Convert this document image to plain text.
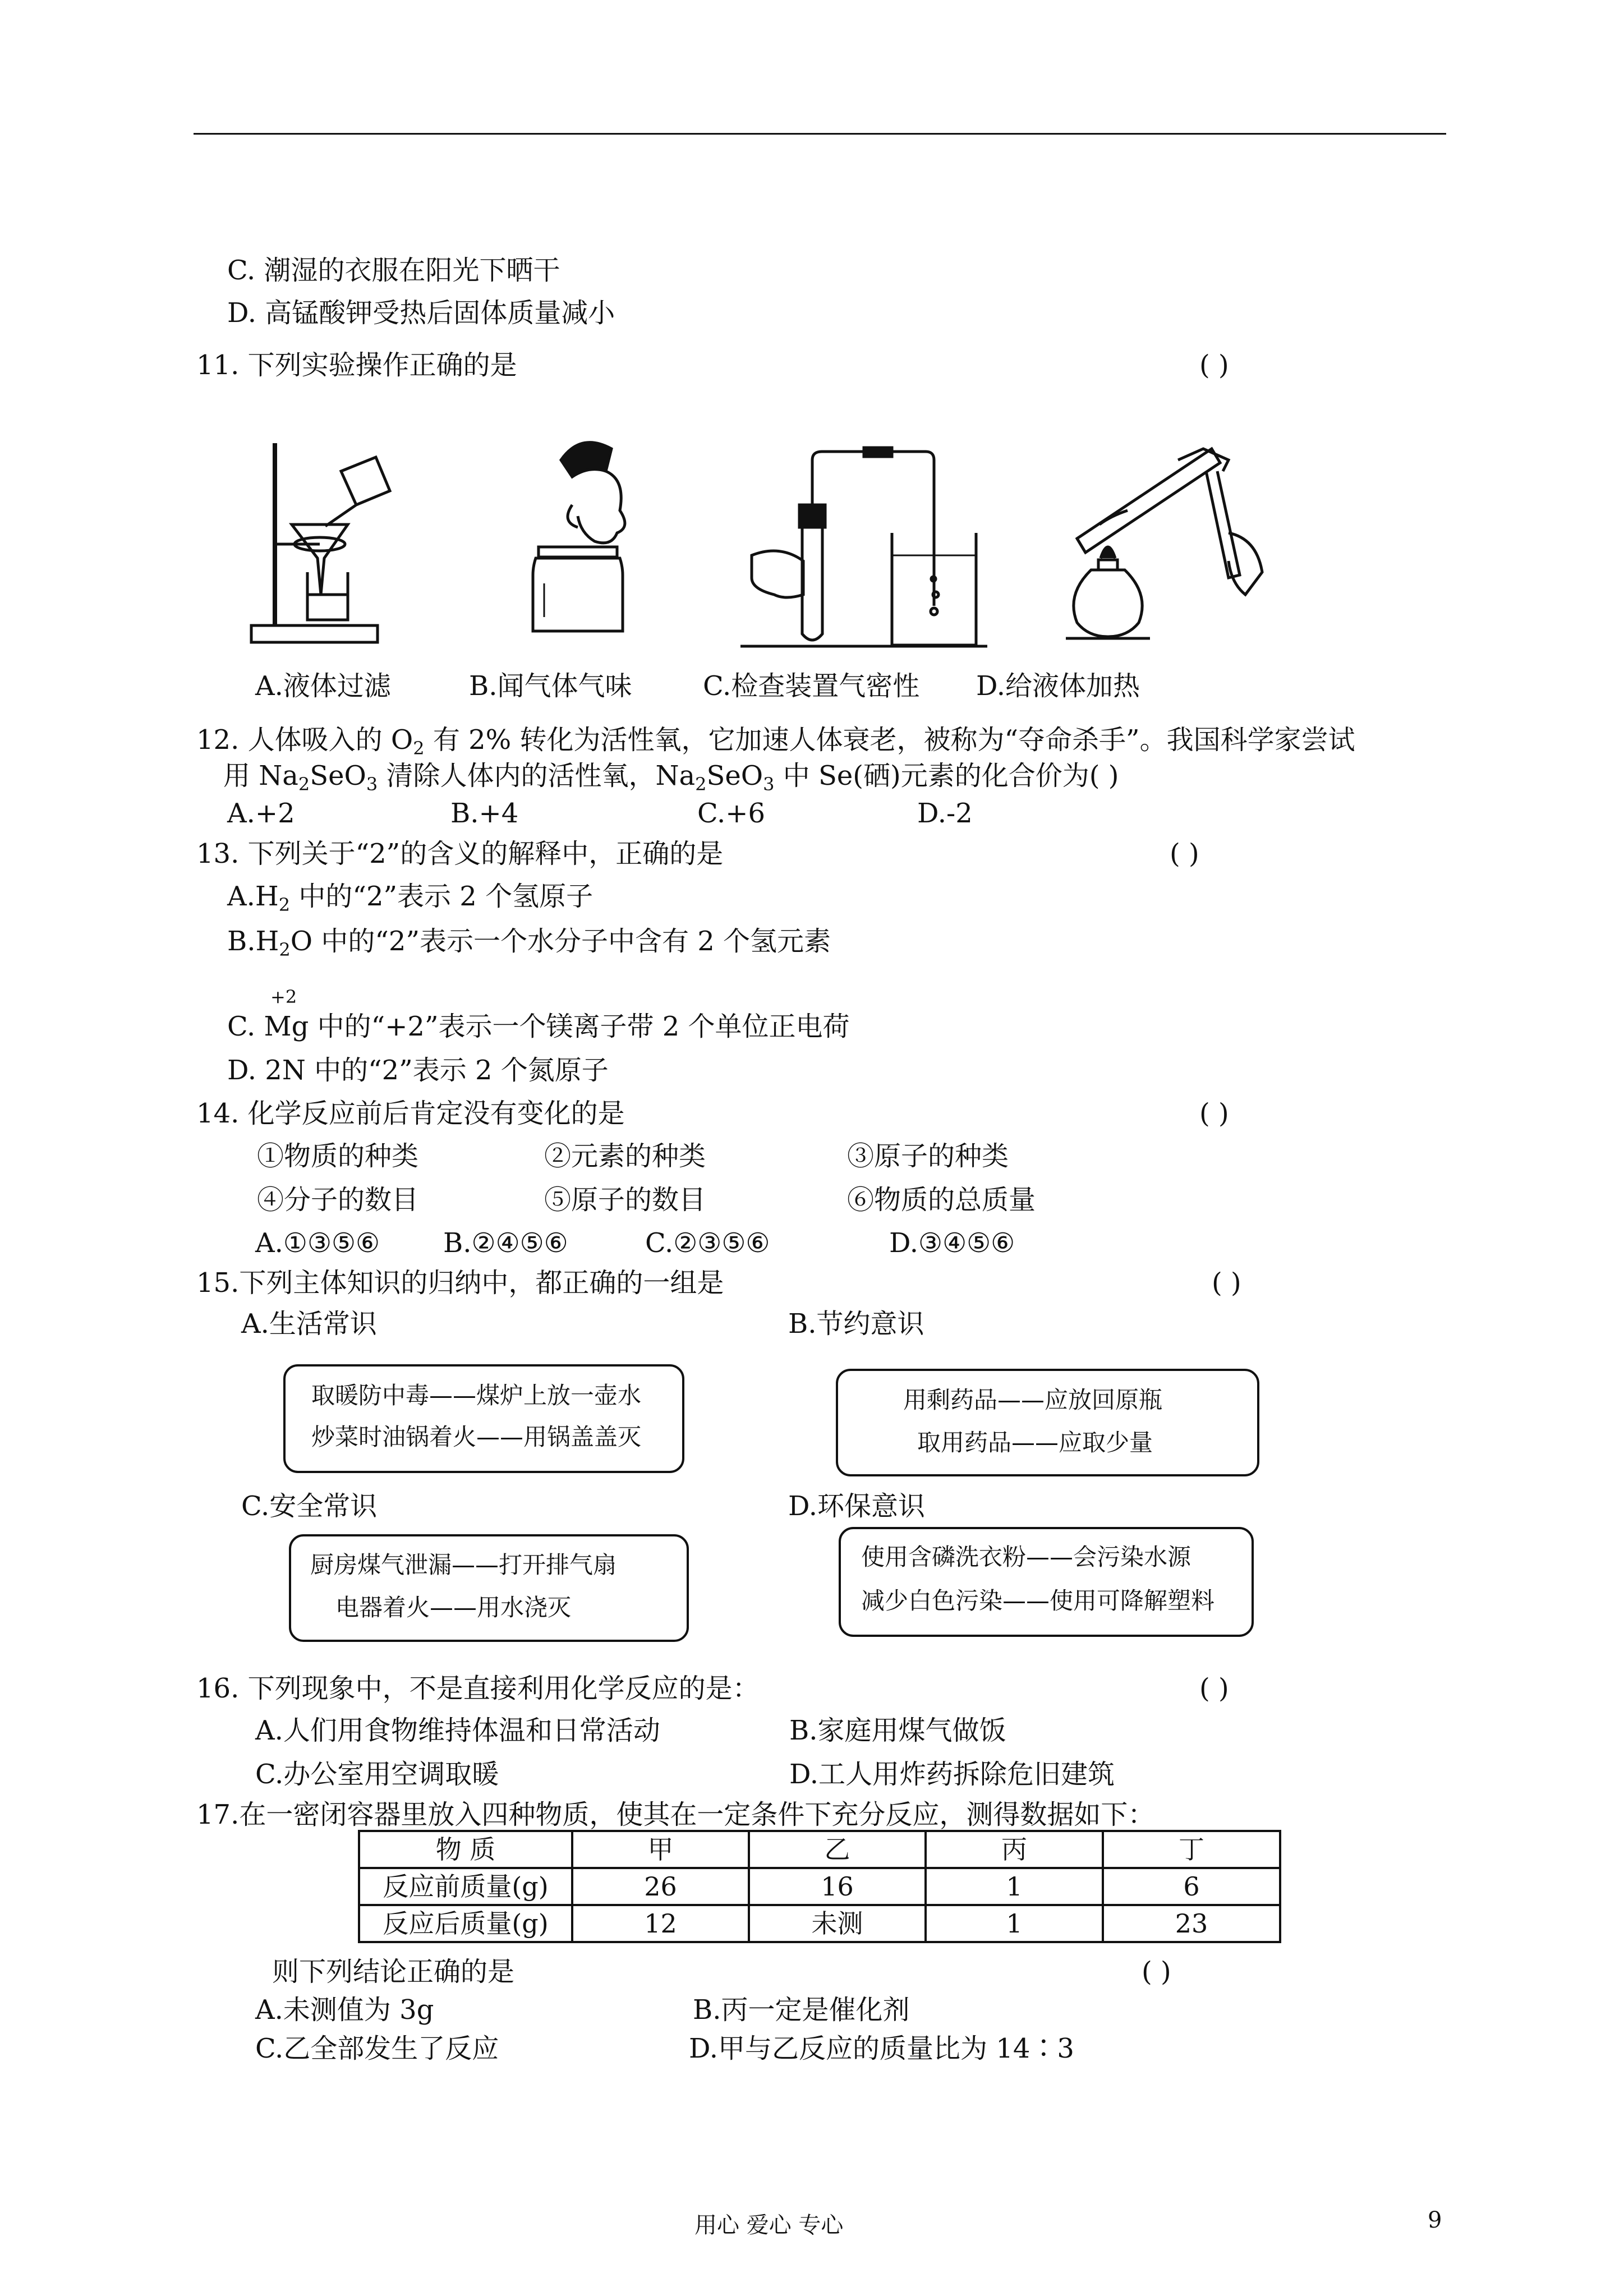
C. 潮湿的衣服在阳光下晒干
D. 高锰酸钾受热后固体质量减小
11. 下列实验操作正确的是	( )
A.液体过滤	B.闻气体气味	C.检查装置气密性 D.给液体加热
12. 人体吸入的 $O_2$ 有 2% 转化为活性氧，它加速人体衰老，被称为“夺命杀手”。我国科学家尝试
用 $Na_2SeO_3$ 清除人体内的活性氧，$Na_2SeO_3$ 中 Se(硒)元素的化合价为( )
A.+2	B.+4	C.+6	D.-2
13. 下列关于“2”的含义的解释中，正确的是	( )
$A.H_2$ 中的“2”表示 2 个氢原子
$B.H_2O$ 中的“2”表示一个水分子中含有 2 个氢元素
+2
C. Mg 中的“+2”表示一个镁离子带 2 个单位正电荷
D. 2N 中的“2”表示 2 个氮原子
14. 化学反应前后肯定没有变化的是	( )
①物质的种类	②元素的种类	③原子的种类
④分子的数目	⑤原子的数目	⑥物质的总质量
A.①③⑤⑥ B.②④⑤⑥	C.②③⑤⑥	D.③④⑤⑥
15.下列主体知识的归纳中，都正确的一组是	( )
A.生活常识	B.节约意识
取暖防中毒——煤炉上放一壶水
炒菜时油锅着火——用锅盖盖灭
用剩药品——应放回原瓶
取用药品——应取少量
C.安全常识	D.环保意识
厨房煤气泄漏——打开排气扇
电器着火——用水浇灭
使用含磷洗衣粉——会污染水源
减少白色污染——使用可降解塑料
16. 下列现象中，不是直接利用化学反应的是：	( )
A.人们用食物维持体温和日常活动	B.家庭用煤气做饭
C.办公室用空调取暖	D.工人用炸药拆除危旧建筑
17.在一密闭容器里放入四种物质，使其在一定条件下充分反应，测得数据如下：
物 质	甲	乙	丙	丁
反应前质量(g)	26	16	1	6
反应后质量(g)	12	未测	1	23
则下列结论正确的是	( )
A.未测值为 3g	B.丙一定是催化剂
C.乙全部发生了反应	D.甲与乙反应的质量比为 14∶3
用心 爱心 专心	9
